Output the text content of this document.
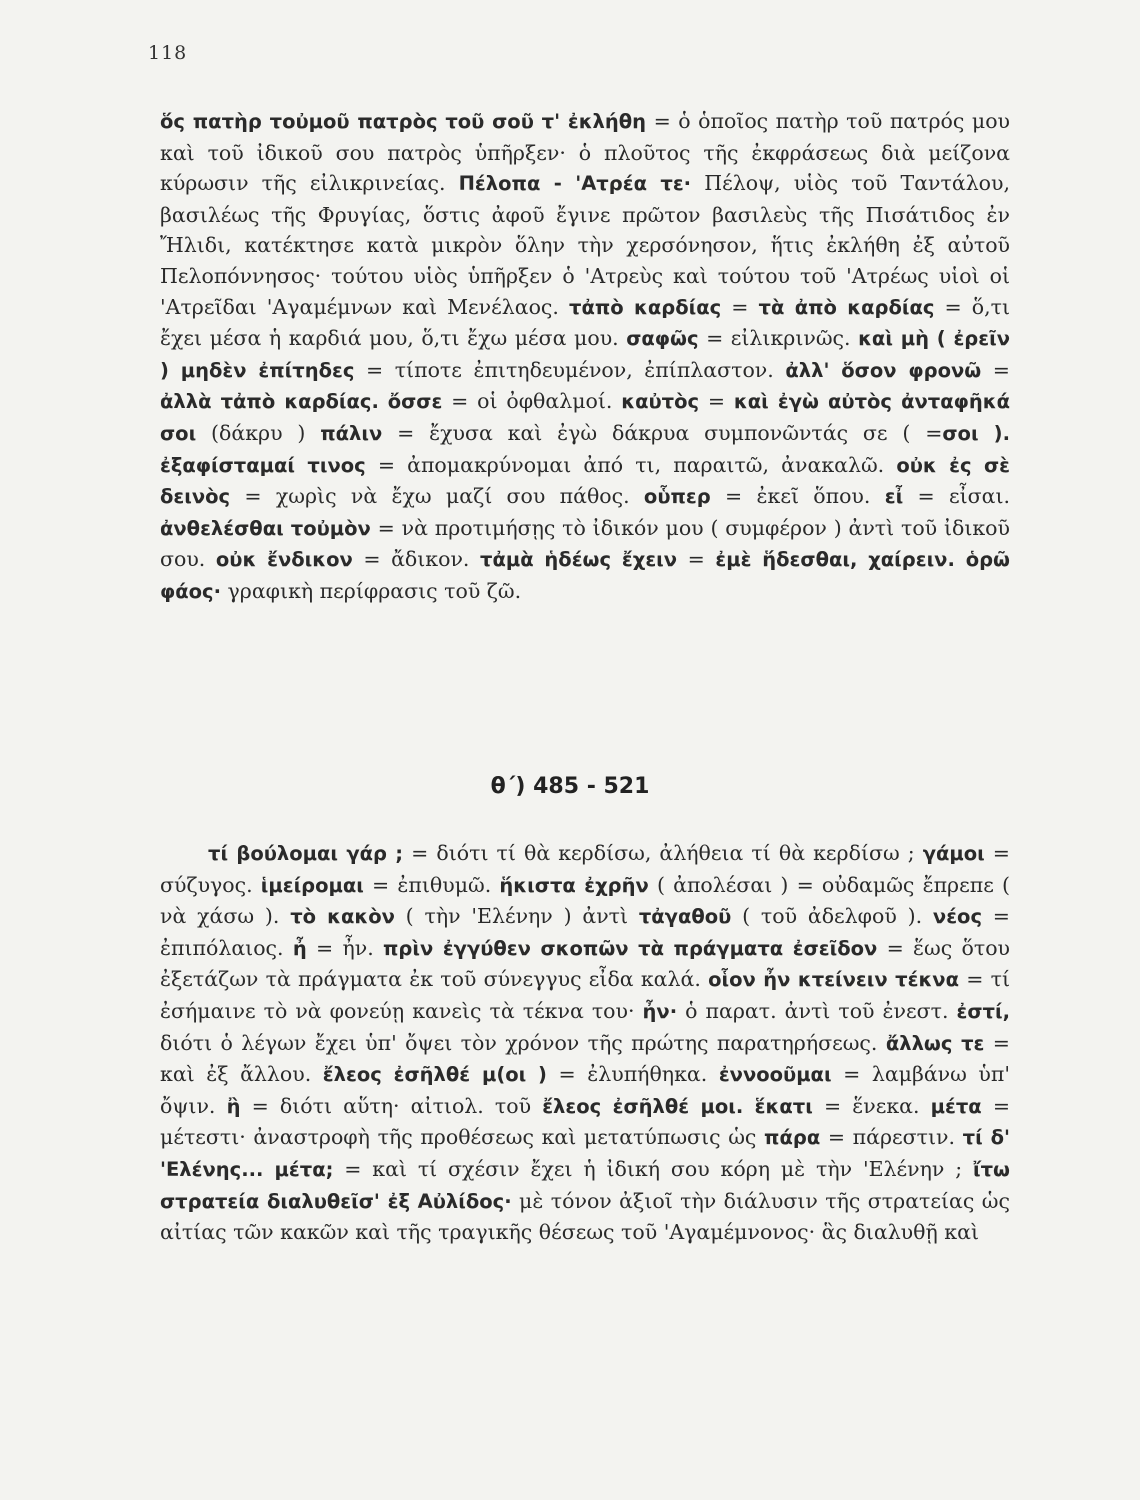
118

ὅς πατὴρ τοὐμοῦ πατρὸς τοῦ σοῦ τ' ἐκλήθη = ὁ ὁποῖος πατὴρ τοῦ πατρός μου καὶ τοῦ ἰδικοῦ σου πατρὸς ὑπῆρξεν· ὁ πλοῦτος τῆς ἐκφράσεως διὰ μείζονα κύρωσιν τῆς εἰλικρινείας. Πέλοπα - 'Ατρέα τε· Πέλοψ, υἱὸς τοῦ Ταντάλου, βασιλέως τῆς Φρυγίας, ὅστις ἀφοῦ ἔγινε πρῶτον βασιλεὺς τῆς Πισάτιδος ἐν Ἤλιδι, κατέκτησε κατὰ μικρὸν ὅλην τὴν χερσόνησον, ἥτις ἐκλήθη ἐξ αὐτοῦ Πελοπόννησος· τούτου υἱὸς ὑπῆρξεν ὁ 'Ατρεὺς καὶ τούτου τοῦ 'Ατρέως υἱοὶ οἱ 'Ατρεῖδαι 'Αγαμέμνων καὶ Μενέλαος. τἀπὸ καρδίας = τὰ ἀπὸ καρδίας = ὅ,τι ἔχει μέσα ἡ καρδιά μου, ὅ,τι ἔχω μέσα μου. σαφῶς = εἰλικρινῶς. καὶ μὴ ( ἐρεῖν ) μηδὲν ἐπίτηδες = τίποτε ἐπιτηδευμένον, ἐπίπλαστον. ἀλλ' ὅσον φρονῶ = ἀλλὰ τἀπὸ καρδίας. ὄσσε = οἱ ὀφθαλμοί. καὐτὸς = καὶ ἐγὼ αὐτὸς ἀνταφῆκά σοι (δάκρυ ) πάλιν = ἔχυσα καὶ ἐγὼ δάκρυα συμπονῶντάς σε ( =σοι ). ἐξαφίσταμαί τινος = ἀπομακρύνομαι ἀπό τι, παραιτῶ, ἀνακαλῶ. οὐκ ἐς σὲ δεινὸς = χωρὶς νὰ ἔχω μαζί σου πάθος. οὗπερ = ἐκεῖ ὅπου. εἶ = εἶσαι. ἀνθελέσθαι τοὐμὸν = νὰ προτιμήσῃς τὸ ἰδικόν μου ( συμφέρον ) ἀντὶ τοῦ ἰδικοῦ σου. οὐκ ἔνδικον = ἄδικον. τἀμὰ ἡδέως ἔχειν = ἐμὲ ἥδεσθαι, χαίρειν. ὁρῶ φάος· γραφικὴ περίφρασις τοῦ ζῶ.

θ΄) 485 - 521

τί βούλομαι γάρ ; = διότι τί θὰ κερδίσω, ἀλήθεια τί θὰ κερδίσω ; γάμοι = σύζυγος. ἱμείρομαι = ἐπιθυμῶ. ἥκιστα ἐχρῆν ( ἀπολέσαι ) = οὐδαμῶς ἔπρεπε ( νὰ χάσω ). τὸ κακὸν ( τὴν 'Ελένην ) ἀντὶ τἀγαθοῦ ( τοῦ ἀδελφοῦ ). νέος = ἐπιπόλαιος. ἦ = ἦν. πρὶν ἐγγύθεν σκοπῶν τὰ πράγματα ἐσεῖδον = ἕως ὅτου ἐξετάζων τὰ πράγματα ἐκ τοῦ σύνεγγυς εἶδα καλά. οἷον ἦν κτείνειν τέκνα = τί ἐσήμαινε τὸ νὰ φονεύῃ κανεὶς τὰ τέκνα του· ἦν· ὁ παρατ. ἀντὶ τοῦ ἐνεστ. ἐστί, διότι ὁ λέγων ἔχει ὑπ' ὄψει τὸν χρόνον τῆς πρώτης παρατηρήσεως. ἄλλως τε = καὶ ἐξ ἄλλου. ἔλεος ἐσῆλθέ μ(οι ) = ἐλυπήθηκα. ἐννοοῦμαι = λαμβάνω ὑπ' ὄψιν. ἢ = διότι αὕτη· αἰτιολ. τοῦ ἔλεος ἐσῆλθέ μοι. ἕκατι = ἕνεκα. μέτα = μέτεστι· ἀναστροφὴ τῆς προθέσεως καὶ μετατύπωσις ὡς πάρα = πάρεστιν. τί δ' 'Ελένης... μέτα; = καὶ τί σχέσιν ἔχει ἡ ἰδική σου κόρη μὲ τὴν 'Ελένην ; ἴτω στρατεία διαλυθεῖσ' ἐξ Αὐλίδος· μὲ τόνον ἀξιοῖ τὴν διάλυσιν τῆς στρατείας ὡς αἰτίας τῶν κακῶν καὶ τῆς τραγικῆς θέσεως τοῦ 'Αγαμέμνονος· ἃς διαλυθῇ καὶ
